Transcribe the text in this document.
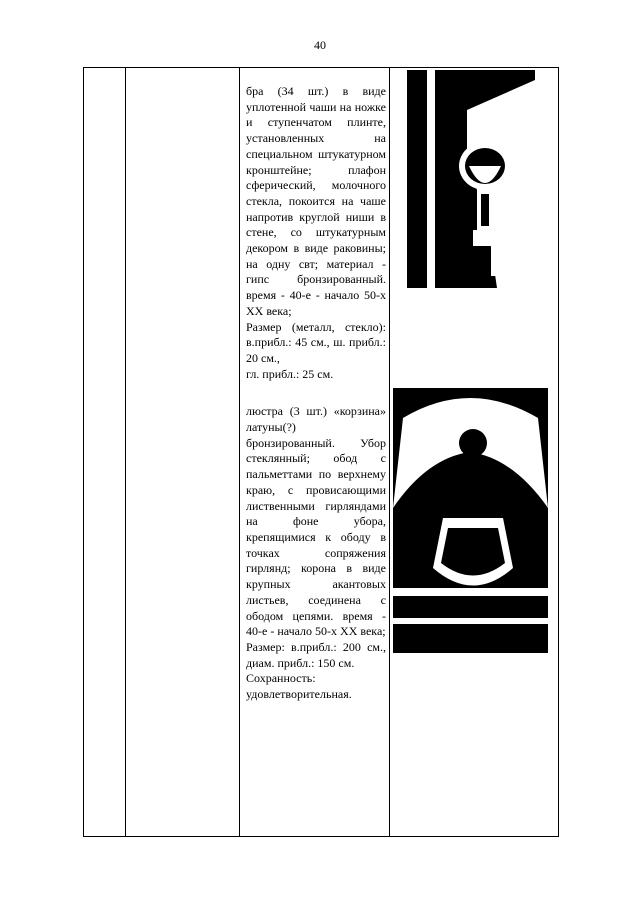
40

бра (34 шт.) в виде уплотенной чаши на ножке и ступенчатом плинте, установленных на специальном штукатурном кронштейне; плафон сферический, молочного стекла, покоится на чаше напротив круглой ниши в стене, со штукатурным декором в виде раковины; на одну свт; материал - гипс бронзированный. время - 40-е - начало 50-х XX века;

Размер (металл, стекло): в.прибл.: 45 см., ш. прибл.: 20 см.,

гл. прибл.: 25 см.

люстра (3 шт.) «корзина» латуны(?) бронзированный. Убор стеклянный; обод с пальметтами по верхнему краю, с провисающими лиственными гирляндами на фоне убора, крепящимися к ободу в точках сопряжения гирлянд; корона в виде крупных акантовых листьев, соединена с ободом цепями. время - 40-е - начало 50-х XX века;

Размер: в.прибл.: 200 см., диам. прибл.: 150 см.

Сохранность: удовлетворительная.
